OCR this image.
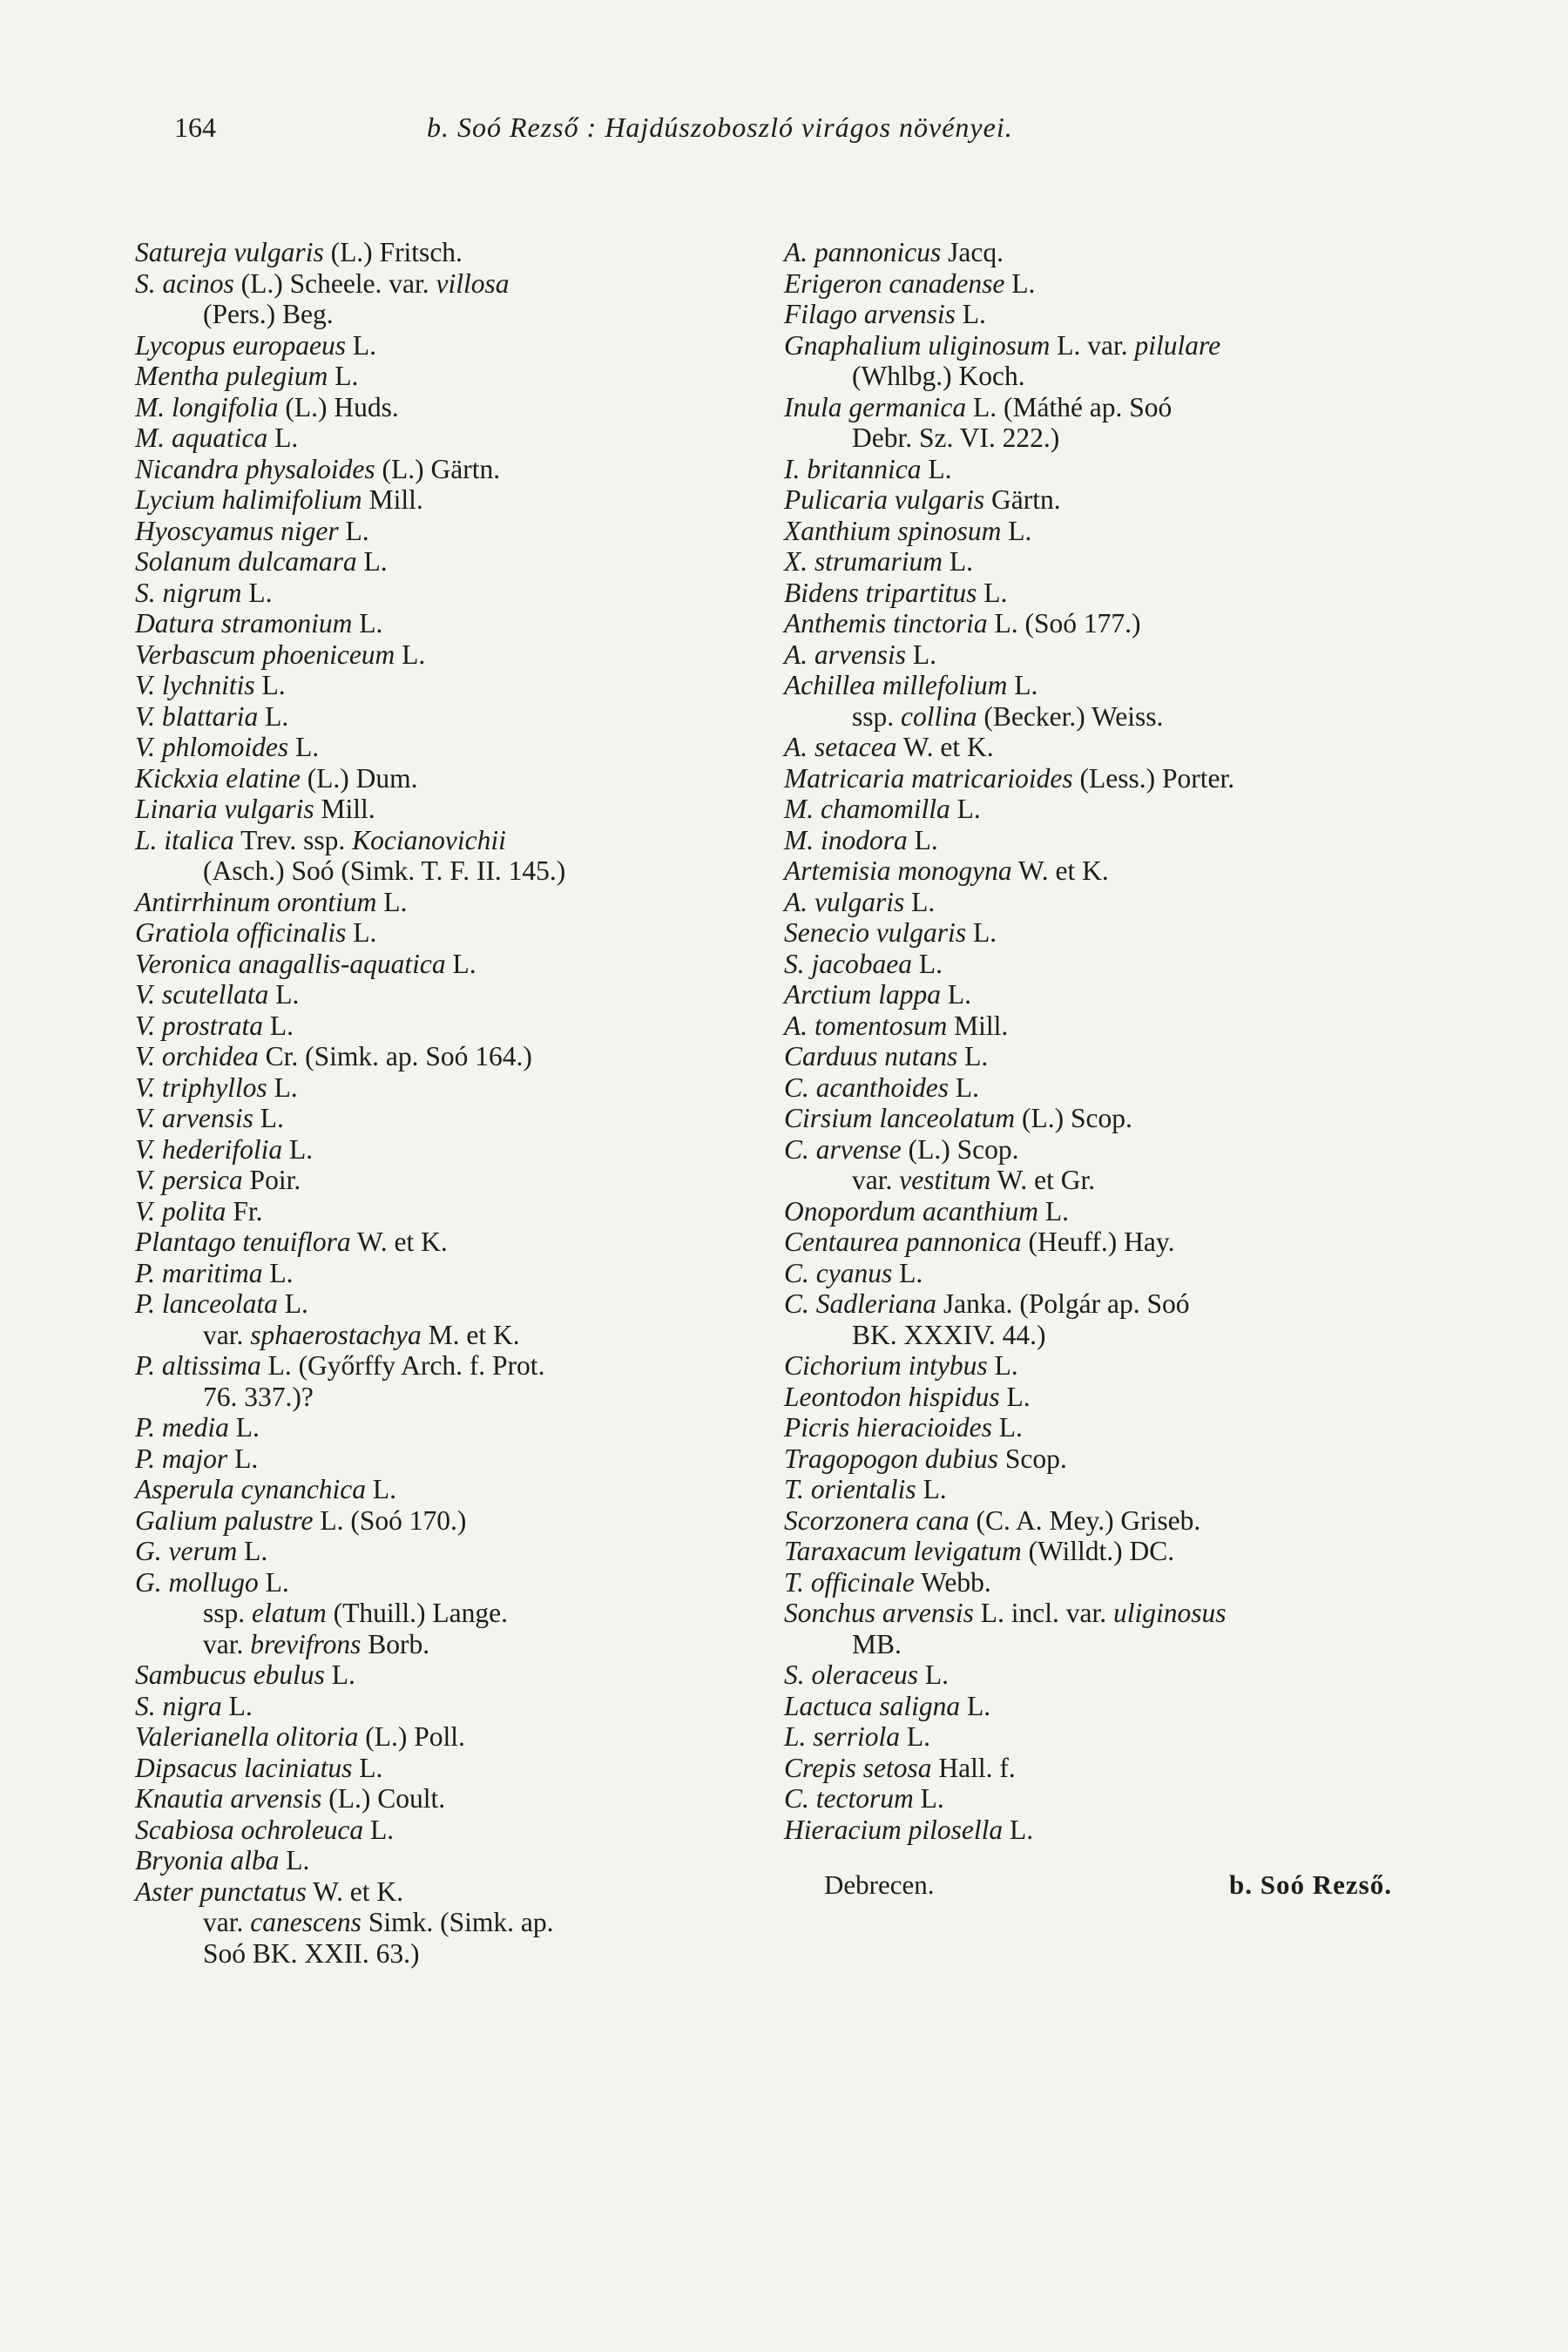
164	b. Soó Rezső : Hajdúszoboszló virágos növényei.

Satureja vulgaris (L.) Fritsch.

S. acinos (L.) Scheele. var. villosa

(Pers.) Beg.

Lycopus europaeus L.

Mentha pulegium L.

M. longifolia (L.) Huds.

M. aquatica L.

Nicandra physaloides (L.) Gärtn.

Lycium halimifolium Mill.

Hyoscyamus niger L.

Solanum dulcamara L.

S. nigrum L.

Datura stramonium L.

Verbascum phoeniceum L.

V. lychnitis L.

V. blattaria L.

V. phlomoides L.

Kickxia elatine (L.) Dum.

Linaria vulgaris Mill.

L. italica Trev. ssp. Kocianovichii

(Asch.) Soó (Simk. T. F. II. 145.)

Antirrhinum orontium L.

Gratiola officinalis L.

Veronica anagallis-aquatica L.

V. scutellata L.

V. prostrata L.

V. orchidea Cr. (Simk. ap. Soó 164.)

V. triphyllos L.

V. arvensis L.

V. hederifolia L.

V. persica Poir.

V. polita Fr.

Plantago tenuiflora W. et K.

P. maritima L.

P. lanceolata L.

var. sphaerostachya M. et K.

P. altissima L. (Győrffy Arch. f. Prot.

76. 337.)?

P. media L.

P. major L.

Asperula cynanchica L.

Galium palustre L. (Soó 170.)

G. verum L.

G. mollugo L.

ssp. elatum (Thuill.) Lange.

var. brevifrons Borb.

Sambucus ebulus L.

S. nigra L.

Valerianella olitoria (L.) Poll.

Dipsacus laciniatus L.

Knautia arvensis (L.) Coult.

Scabiosa ochroleuca L.

Bryonia alba L.

Aster punctatus W. et K.

var. canescens Simk. (Simk. ap.

Soó BK. XXII. 63.)

A. pannonicus Jacq.

Erigeron canadense L.

Filago arvensis L.

Gnaphalium uliginosum L. var. pilulare

(Whlbg.) Koch.

Inula germanica L. (Máthé ap. Soó

Debr. Sz. VI. 222.)

I. britannica L.

Pulicaria vulgaris Gärtn.

Xanthium spinosum L.

X. strumarium L.

Bidens tripartitus L.

Anthemis tinctoria L. (Soó 177.)

A. arvensis L.

Achillea millefolium L.

ssp. collina (Becker.) Weiss.

A. setacea W. et K.

Matricaria matricarioides (Less.) Porter.

M. chamomilla L.

M. inodora L.

Artemisia monogyna W. et K.

A. vulgaris L.

Senecio vulgaris L.

S. jacobaea L.

Arctium lappa L.

A. tomentosum Mill.

Carduus nutans L.

C. acanthoides L.

Cirsium lanceolatum (L.) Scop.

C. arvense (L.) Scop.

var. vestitum W. et Gr.

Onopordum acanthium L.

Centaurea pannonica (Heuff.) Hay.

C. cyanus L.

C. Sadleriana Janka. (Polgár ap. Soó

BK. XXXIV. 44.)

Cichorium intybus L.

Leontodon hispidus L.

Picris hieracioides L.

Tragopogon dubius Scop.

T. orientalis L.

Scorzonera cana (C. A. Mey.) Griseb.

Taraxacum levigatum (Willdt.) DC.

T. officinale Webb.

Sonchus arvensis L. incl. var. uliginosus

MB.

S. oleraceus L.

Lactuca saligna L.

L. serriola L.

Crepis setosa Hall. f.

C. tectorum L.

Hieracium pilosella L.

Debrecen.	b. Soó Rezső.
